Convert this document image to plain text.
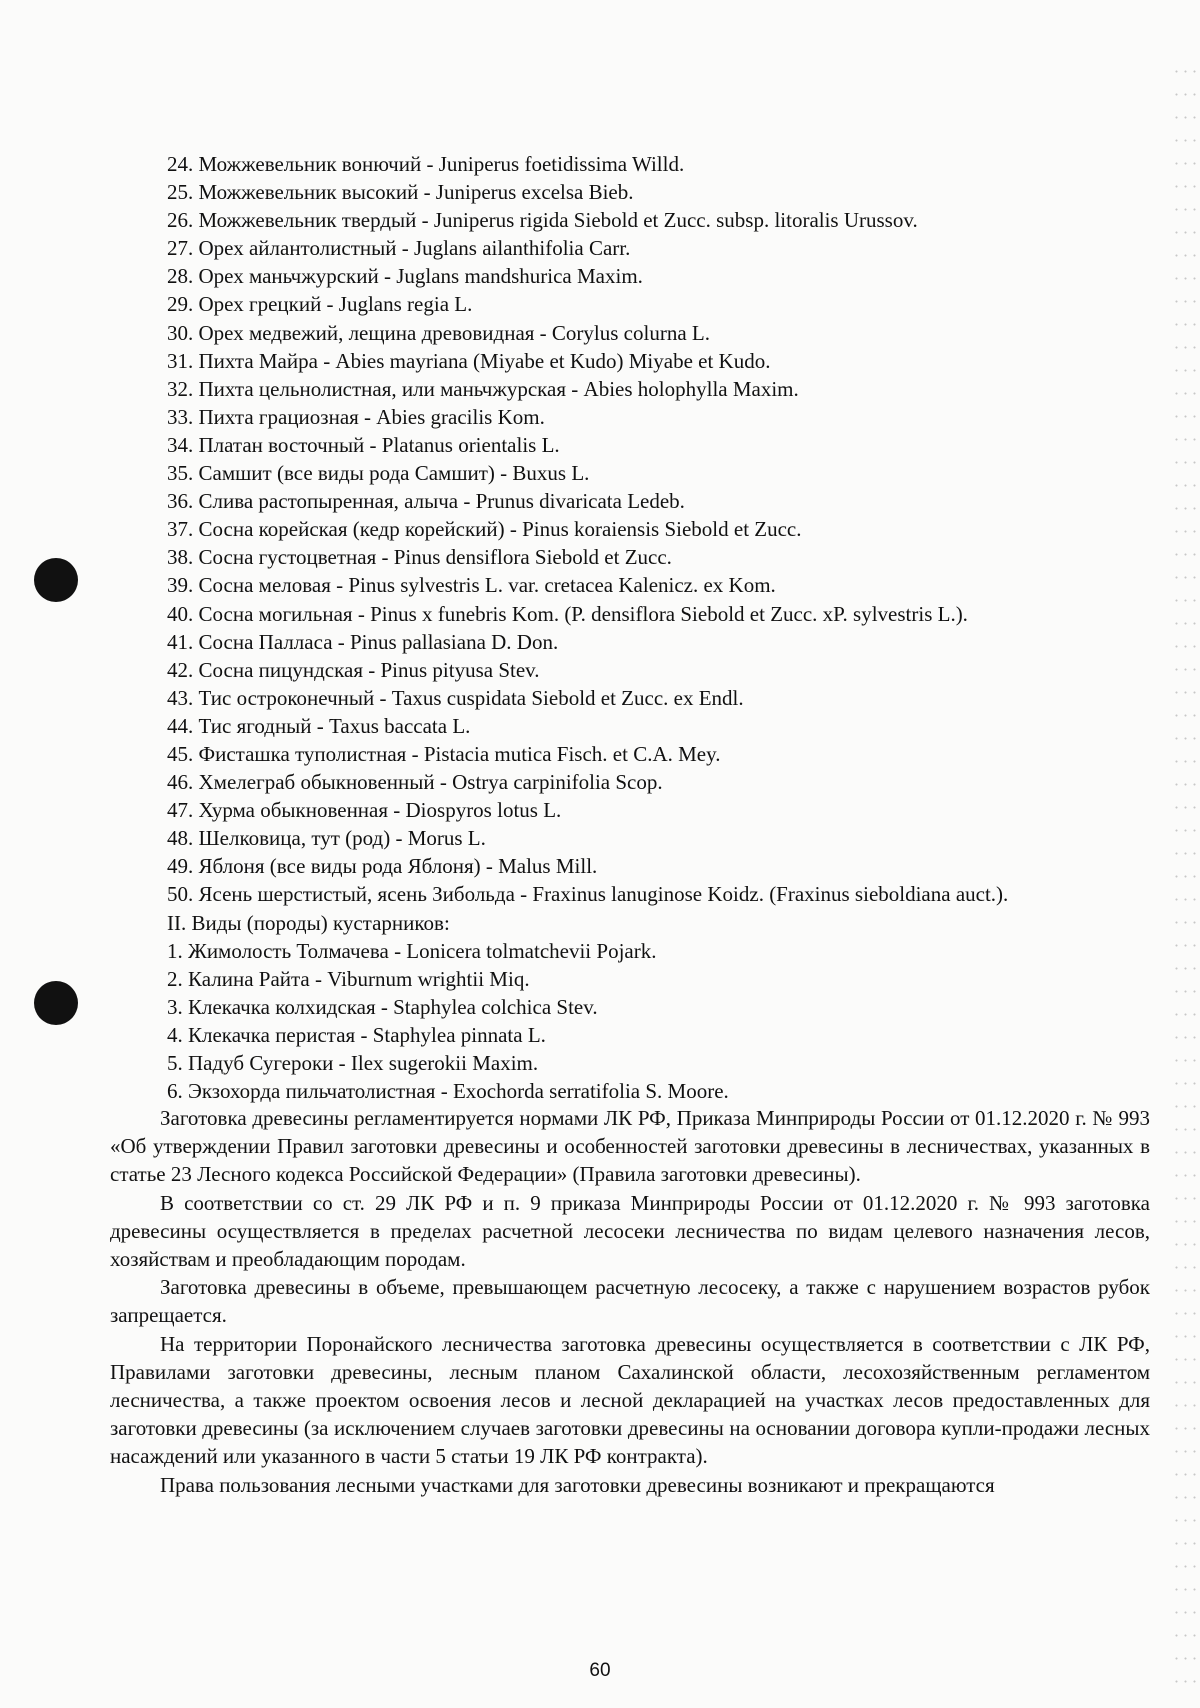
24. Можжевельник вонючий - Juniperus foetidissima Willd.
25. Можжевельник высокий - Juniperus excelsa Bieb.
26. Можжевельник твердый - Juniperus rigida Siebold et Zucc. subsp. litoralis Urussov.
27. Орех айлантолистный - Juglans ailanthifolia Carr.
28. Орех маньчжурский - Juglans mandshurica Maxim.
29. Орех грецкий - Juglans regia L.
30. Орех медвежий, лещина древовидная - Corylus colurna L.
31. Пихта Майра - Abies mayriana (Miyabe et Kudo) Miyabe et Kudo.
32. Пихта цельнолистная, или маньчжурская - Abies holophylla Maxim.
33. Пихта грациозная - Abies gracilis Kom.
34. Платан восточный - Platanus orientalis L.
35. Самшит (все виды рода Самшит) - Buxus L.
36. Слива растопыренная, алыча - Prunus divaricata Ledeb.
37. Сосна корейская (кедр корейский) - Pinus koraiensis Siebold et Zucc.
38. Сосна густоцветная - Pinus densiflora Siebold et Zucc.
39. Сосна меловая - Pinus sylvestris L. var. cretacea Kalenicz. ex Kom.
40. Сосна могильная - Pinus x funebris Kom. (P. densiflora Siebold et Zucc. xP. sylvestris L.).
41. Сосна Палласа - Pinus pallasiana D. Don.
42. Сосна пицундская - Pinus pityusa Stev.
43. Тис остроконечный - Taxus cuspidata Siebold et Zucc. ex Endl.
44. Тис ягодный - Taxus baccata L.
45. Фисташка туполистная - Pistacia mutica Fisch. et C.A. Mey.
46. Хмелеграб обыкновенный - Ostrya carpinifolia Scop.
47. Хурма обыкновенная - Diospyros lotus L.
48. Шелковица, тут (род) - Morus L.
49. Яблоня (все виды рода Яблоня) - Malus Mill.
50. Ясень шерстистый, ясень Зибольда - Fraxinus lanuginose Koidz. (Fraxinus sieboldiana auct.).
II. Виды (породы) кустарников:
1. Жимолость Толмачева - Lonicera tolmatchevii Pojark.
2. Калина Райта - Viburnum wrightii Miq.
3. Клекачка колхидская - Staphylea colchica Stev.
4. Клекачка перистая - Staphylea pinnata L.
5. Падуб Сугероки - Ilex sugerokii Maxim.
6. Экзохорда пильчатолистная - Exochorda serratifolia S. Moore.

Заготовка древесины регламентируется нормами ЛК РФ, Приказа Минприроды России от 01.12.2020 г. № 993 «Об утверждении Правил заготовки древесины и особенностей заготовки древесины в лесничествах, указанных в статье 23 Лесного кодекса Российской Федерации» (Правила заготовки древесины).

В соответствии со ст. 29 ЛК РФ и п. 9 приказа Минприроды России от 01.12.2020 г. № 993 заготовка древесины осуществляется в пределах расчетной лесосеки лесничества по видам целевого назначения лесов, хозяйствам и преобладающим породам.

Заготовка древесины в объеме, превышающем расчетную лесосеку, а также с нарушением возрастов рубок запрещается.

На территории Поронайского лесничества заготовка древесины осуществляется в соответствии с ЛК РФ, Правилами заготовки древесины, лесным планом Сахалинской области, лесохозяйственным регламентом лесничества, а также проектом освоения лесов и лесной декларацией на участках лесов предоставленных для заготовки древесины (за исключением случаев заготовки древесины на основании договора купли-продажи лесных насаждений или указанного в части 5 статьи 19 ЛК РФ контракта).

Права пользования лесными участками для заготовки древесины возникают и прекращаются

60
